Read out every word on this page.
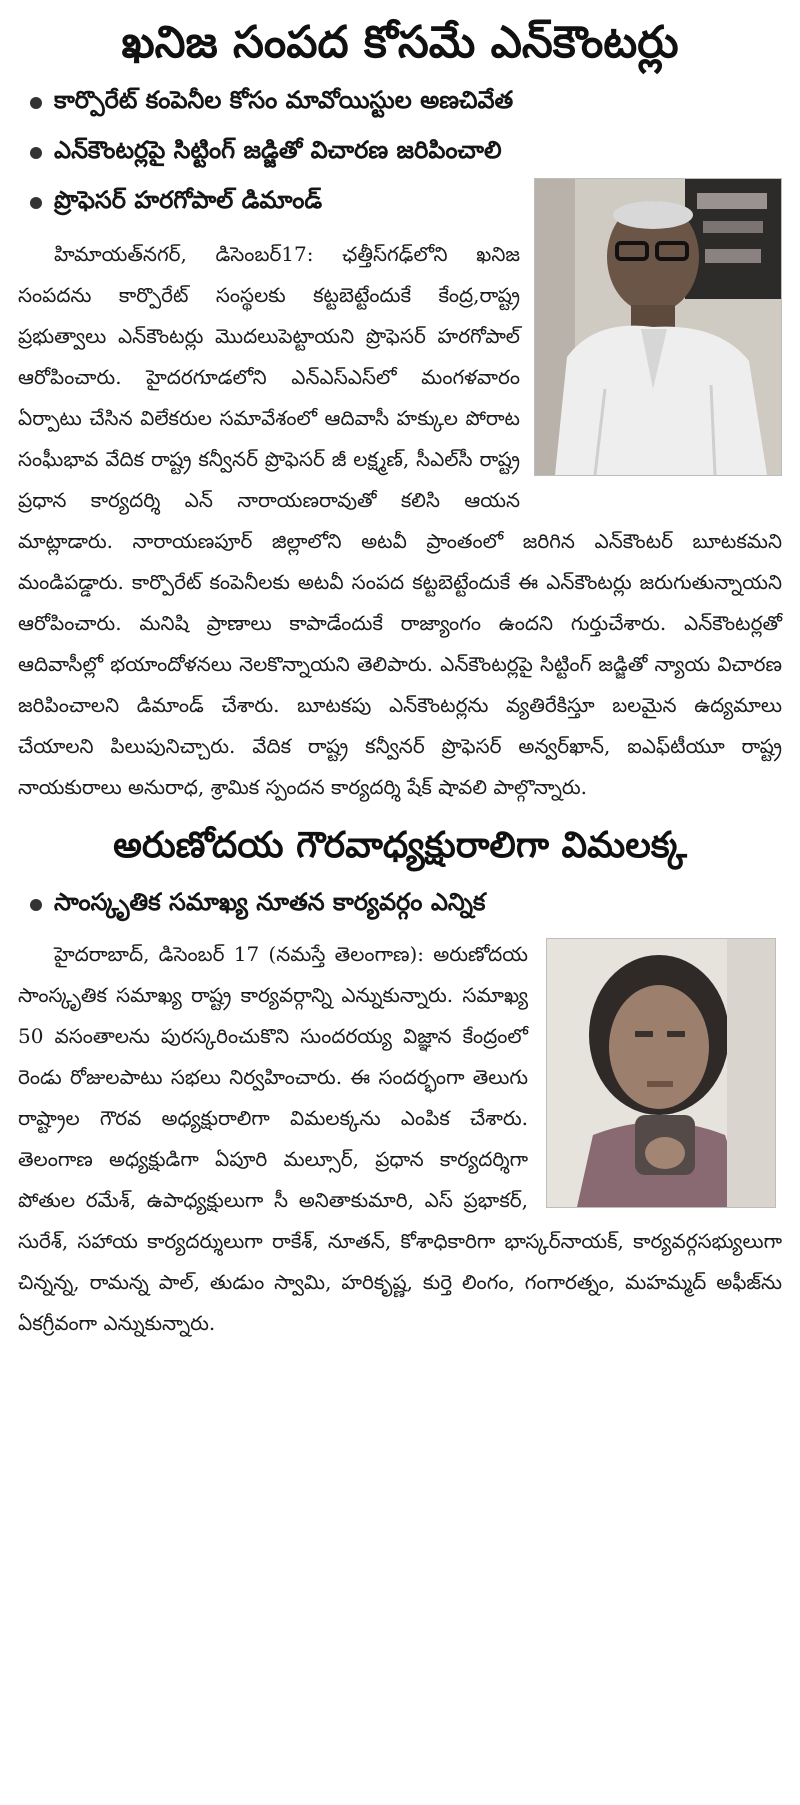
ఖనిజ సంపద కోసమే ఎన్‌కౌంటర్లు
కార్పొరేట్ కంపెనీల కోసం మావోయిస్టుల అణచివేత
ఎన్‌కౌంటర్లపై సిట్టింగ్ జడ్జితో విచారణ జరిపించాలి
ప్రొఫెసర్ హరగోపాల్ డిమాండ్

హిమాయత్‌నగర్, డిసెంబర్17: ఛత్తీస్‌గఢ్‌లోని ఖనిజ సంపదను కార్పొరేట్ సంస్థలకు కట్టబెట్టేందుకే కేంద్ర,రాష్ట్ర ప్రభుత్వాలు ఎన్‌కౌంటర్లు మొదలుపెట్టాయని ప్రొఫెసర్ హరగోపాల్ ఆరోపించారు. హైదరగూడలోని ఎన్ఎస్ఎస్‌లో మంగళవారం ఏర్పాటు చేసిన విలేకరుల సమావేశంలో ఆదివాసీ హక్కుల పోరాట సంఘీభావ వేదిక రాష్ట్ర కన్వీనర్ ప్రొఫెసర్ జీ లక్ష్మణ్, సీఎల్‌సీ రాష్ట్ర ప్రధాన కార్యదర్శి ఎన్ నారాయణరావుతో కలిసి ఆయన మాట్లాడారు. నారాయణపూర్ జిల్లాలోని అటవీ ప్రాంతంలో జరిగిన ఎన్‌కౌంటర్ బూటకమని మండిపడ్డారు. కార్పొరేట్ కంపెనీలకు అటవీ సంపద కట్టబెట్టేందుకే ఈ ఎన్‌కౌంటర్లు జరుగుతున్నాయని ఆరోపించారు. మనిషి ప్రాణాలు కాపాడేందుకే రాజ్యాంగం ఉందని గుర్తుచేశారు. ఎన్‌కౌంటర్లతో ఆదివాసీల్లో భయాందోళనలు నెలకొన్నాయని తెలిపారు. ఎన్‌కౌంటర్లపై సిట్టింగ్ జడ్జితో న్యాయ విచారణ జరిపించాలని డిమాండ్ చేశారు. బూటకపు ఎన్‌కౌంటర్లను వ్యతిరేకిస్తూ బలమైన ఉద్యమాలు చేయాలని పిలుపునిచ్చారు. వేదిక రాష్ట్ర కన్వీనర్ ప్రొఫెసర్ అన్వర్‌ఖాన్, ఐఎఫ్‌టీయూ రాష్ట్ర నాయకురాలు అనురాధ, శ్రామిక స్పందన కార్యదర్శి షేక్ షావలి పాల్గొన్నారు.

అరుణోదయ గౌరవాధ్యక్షురాలిగా విమలక్క
సాంస్కృతిక సమాఖ్య నూతన కార్యవర్గం ఎన్నిక

హైదరాబాద్, డిసెంబర్ 17 (నమస్తే తెలంగాణ): అరుణోదయ సాంస్కృతిక సమాఖ్య రాష్ట్ర కార్యవర్గాన్ని ఎన్నుకున్నారు. సమాఖ్య 50 వసంతాలను పురస్కరించుకొని సుందరయ్య విజ్ఞాన కేంద్రంలో రెండు రోజులపాటు సభలు నిర్వహించారు. ఈ సందర్భంగా తెలుగు రాష్ట్రాల గౌరవ అధ్యక్షురాలిగా విమలక్కను ఎంపిక చేశారు. తెలంగాణ అధ్యక్షుడిగా ఏపూరి మల్సూర్, ప్రధాన కార్యదర్శిగా పోతుల రమేశ్, ఉపాధ్యక్షులుగా సీ అనితాకుమారి, ఎస్ ప్రభాకర్, సురేశ్, సహాయ కార్యదర్శులుగా రాకేశ్, నూతన్, కోశాధికారిగా భాస్కర్‌నాయక్, కార్యవర్గసభ్యులుగా చిన్నన్న, రామన్న పాల్, తుడుం స్వామి, హరికృష్ణ, కుర్తె లింగం, గంగారత్నం, మహమ్మద్ అఫీజ్‌ను ఏకగ్రీవంగా ఎన్నుకున్నారు.
